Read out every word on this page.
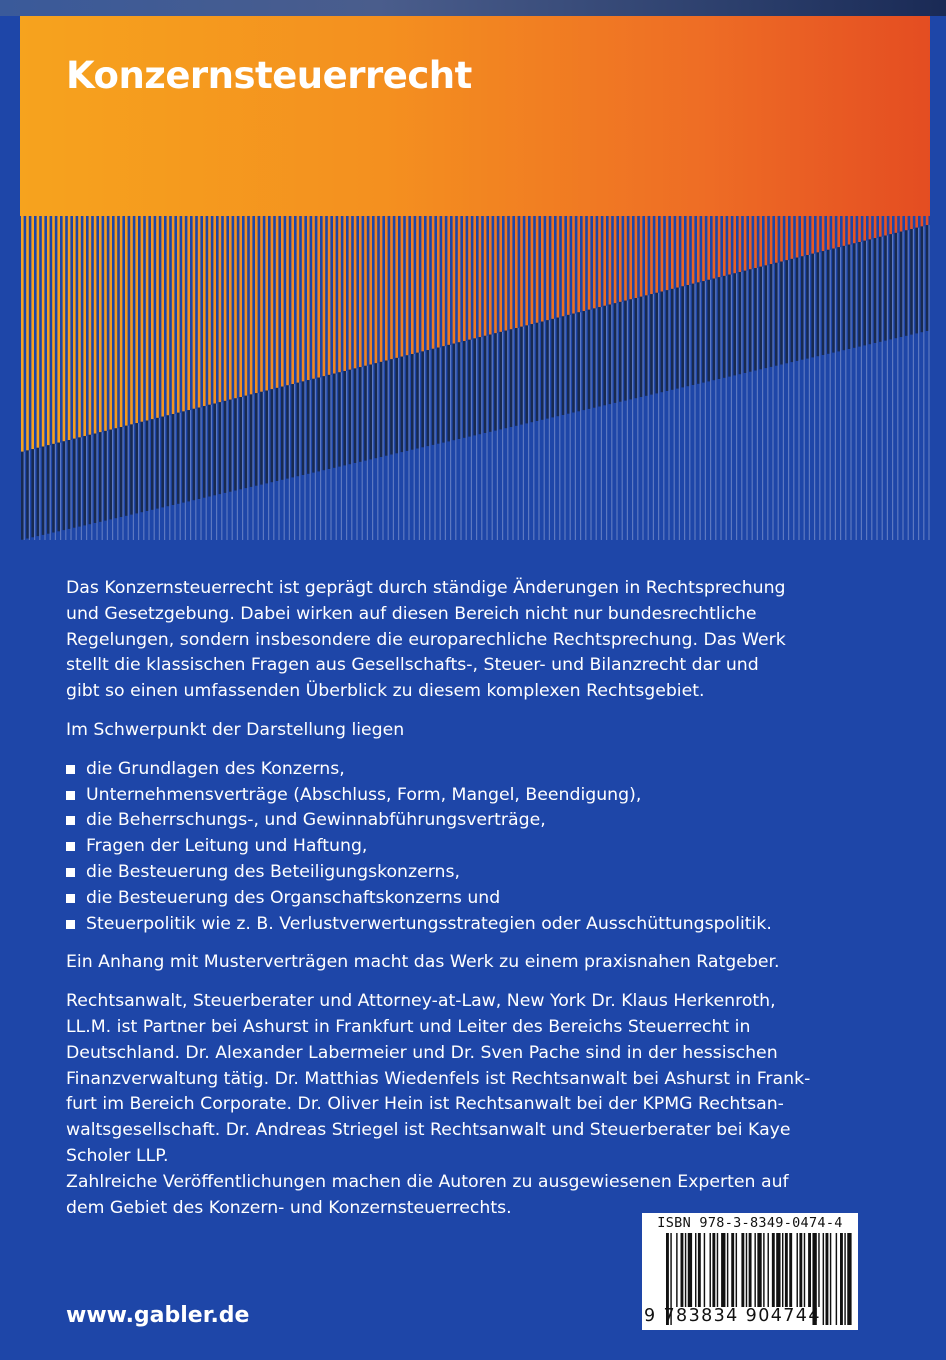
Konzernsteuerrecht

Das Konzernsteuerrecht ist geprägt durch ständige Änderungen in Rechtsprechung und Gesetzgebung. Dabei wirken auf diesen Bereich nicht nur bundesrechtliche Regelungen, sondern insbesondere die europarechliche Rechtsprechung. Das Werk stellt die klassischen Fragen aus Gesellschafts-, Steuer- und Bilanzrecht dar und gibt so einen umfassenden Überblick zu diesem komplexen Rechtsgebiet.

Im Schwerpunkt der Darstellung liegen

die Grundlagen des Konzerns,
Unternehmensverträge (Abschluss, Form, Mangel, Beendigung),
die Beherrschungs-, und Gewinnabführungsverträge,
Fragen der Leitung und Haftung,
die Besteuerung des Beteiligungskonzerns,
die Besteuerung des Organschaftskonzerns und
Steuerpolitik wie z. B. Verlustverwertungsstrategien oder Ausschüttungspolitik.

Ein Anhang mit Musterverträgen macht das Werk zu einem praxisnahen Ratgeber.

Rechtsanwalt, Steuerberater und Attorney-at-Law, New York Dr. Klaus Herkenroth,
LL.M. ist Partner bei Ashurst in Frankfurt und Leiter des Bereichs Steuerrecht in
Deutschland. Dr. Alexander Labermeier und Dr. Sven Pache sind in der hessischen
Finanzverwaltung tätig. Dr. Matthias Wiedenfels ist Rechtsanwalt bei Ashurst in Frank-
furt im Bereich Corporate. Dr. Oliver Hein ist Rechtsanwalt bei der KPMG Rechtsan-
waltsgesellschaft. Dr. Andreas Striegel ist Rechtsanwalt und Steuerberater bei Kaye
Scholer LLP.
Zahlreiche Veröffentlichungen machen die Autoren zu ausgewiesenen Experten auf
dem Gebiet des Konzern- und Konzernsteuerrechts.

www.gabler.de
ISBN 978-3-8349-0474-4
9 783834 904744
